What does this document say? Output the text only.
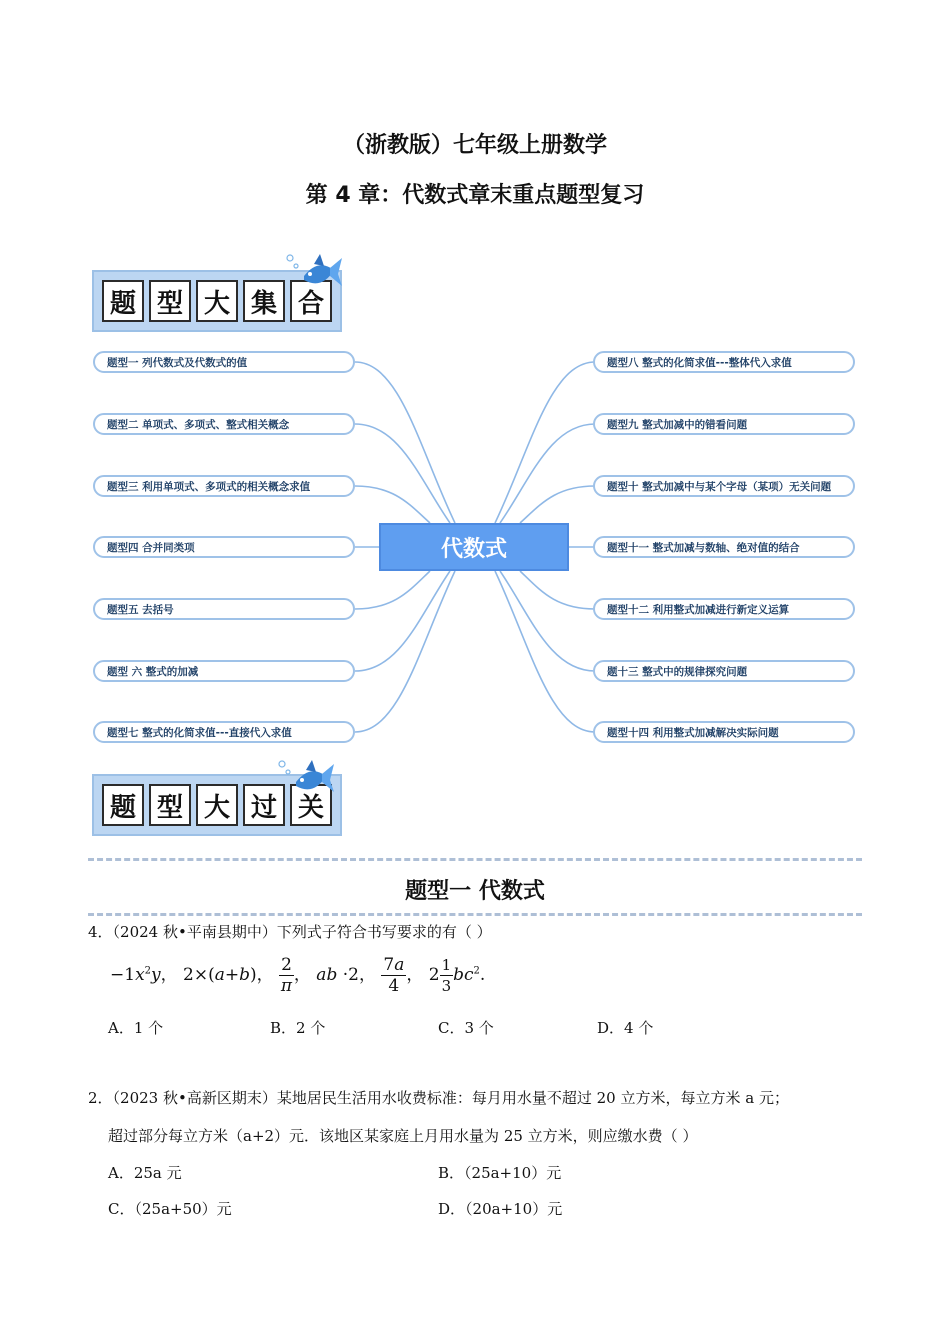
（浙教版）七年级上册数学
第 4 章：代数式章末重点题型复习
题 型 大 集 合
题型一 列代数式及代数式的值
题型二 单项式、多项式、整式相关概念
题型三 利用单项式、多项式的相关概念求值
题型四 合并同类项
题型五 去括号
题型 六 整式的加减
题型七 整式的化简求值---直接代入求值
代数式
题型八 整式的化简求值---整体代入求值
题型九 整式加减中的错看问题
题型十 整式加减中与某个字母（某项）无关问题
题型十一 整式加减与数轴、绝对值的结合
题型十二 利用整式加减进行新定义运算
题十三 整式中的规律探究问题
题型十四 利用整式加减解决实际问题
题 型 大 过 关
题型一 代数式
4．（2024 秋•平南县期中）下列式子符合书写要求的有（ ）
$-1x^2y$， 2×(a+b)， $\frac{2}{\pi}$ ， ab ·2， $\frac{7a}{4}$ ， $2 \frac{1}{3} bc^2$.
A．1 个	B．2 个	C．3 个	D．4 个
2．（2023 秋•高新区期末）某地居民生活用水收费标准：每月用水量不超过 20 立方米，每立方米 a 元；
超过部分每立方米（a+2）元．该地区某家庭上月用水量为 25 立方米，则应缴水费（ ）
A．25a 元	B．（25a+10）元
C．（25a+50）元	D．（20a+10）元
